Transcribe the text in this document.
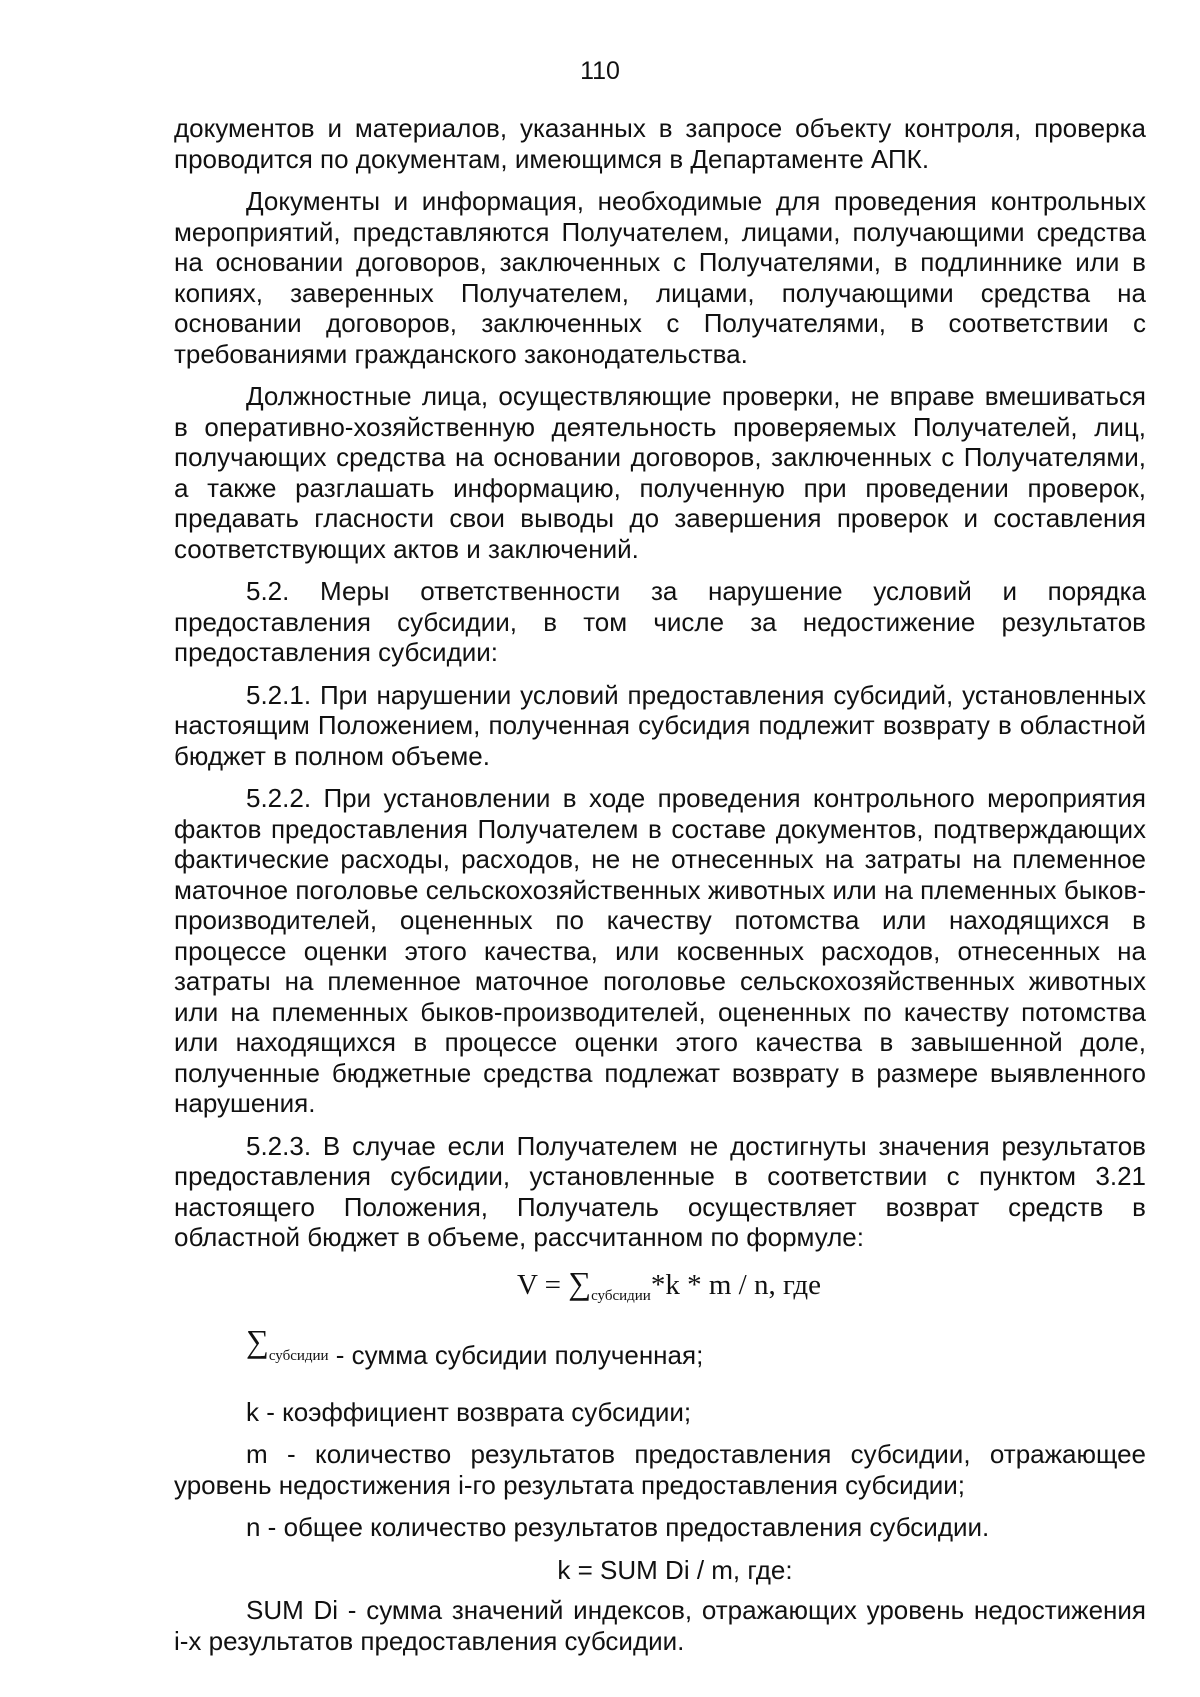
110

документов и материалов, указанных в запросе объекту контроля, проверка проводится по документам, имеющимся в Департаменте АПК.

Документы и информация, необходимые для проведения контрольных мероприятий, представляются Получателем, лицами, получающими средства на основании договоров, заключенных с Получателями, в подлиннике или в копиях, заверенных Получателем, лицами, получающими средства на основании договоров, заключенных с Получателями, в соответствии с требованиями гражданского законодательства.

Должностные лица, осуществляющие проверки, не вправе вмешиваться в оперативно-хозяйственную деятельность проверяемых Получателей, лиц, получающих средства на основании договоров, заключенных с Получателями, а также разглашать информацию, полученную при проведении проверок, предавать гласности свои выводы до завершения проверок и составления соответствующих актов и заключений.

5.2. Меры ответственности за нарушение условий и порядка предоставления субсидии, в том числе за недостижение результатов предоставления субсидии:

5.2.1. При нарушении условий предоставления субсидий, установленных настоящим Положением, полученная субсидия подлежит возврату в областной бюджет в полном объеме.

5.2.2. При установлении в ходе проведения контрольного мероприятия фактов предоставления Получателем в составе документов, подтверждающих фактические расходы, расходов, не не отнесенных на затраты на племенное маточное поголовье сельскохозяйственных животных или на племенных быков-производителей, оцененных по качеству потомства или находящихся в процессе оценки этого качества, или косвенных расходов, отнесенных на затраты на племенное маточное поголовье сельскохозяйственных животных или на племенных быков-производителей, оцененных по качеству потомства или находящихся в процессе оценки этого качества в завышенной доле, полученные бюджетные средства подлежат возврату в размере выявленного нарушения.

5.2.3. В случае если Получателем не достигнуты значения результатов предоставления субсидии, установленные в соответствии с пунктом 3.21 настоящего Положения, Получатель осуществляет возврат средств в областной бюджет в объеме, рассчитанном по формуле:

$V = \sum_{субсидии}*k * m / n$, где
$\sum_{субсидии}$ - сумма субсидии полученная;

k - коэффициент возврата субсидии;

m - количество результатов предоставления субсидии, отражающее уровень недостижения i-го результата предоставления субсидии;

n - общее количество результатов предоставления субсидии.

k = SUM Di / m, где:

SUM Di - сумма значений индексов, отражающих уровень недостижения i-х результатов предоставления субсидии.
